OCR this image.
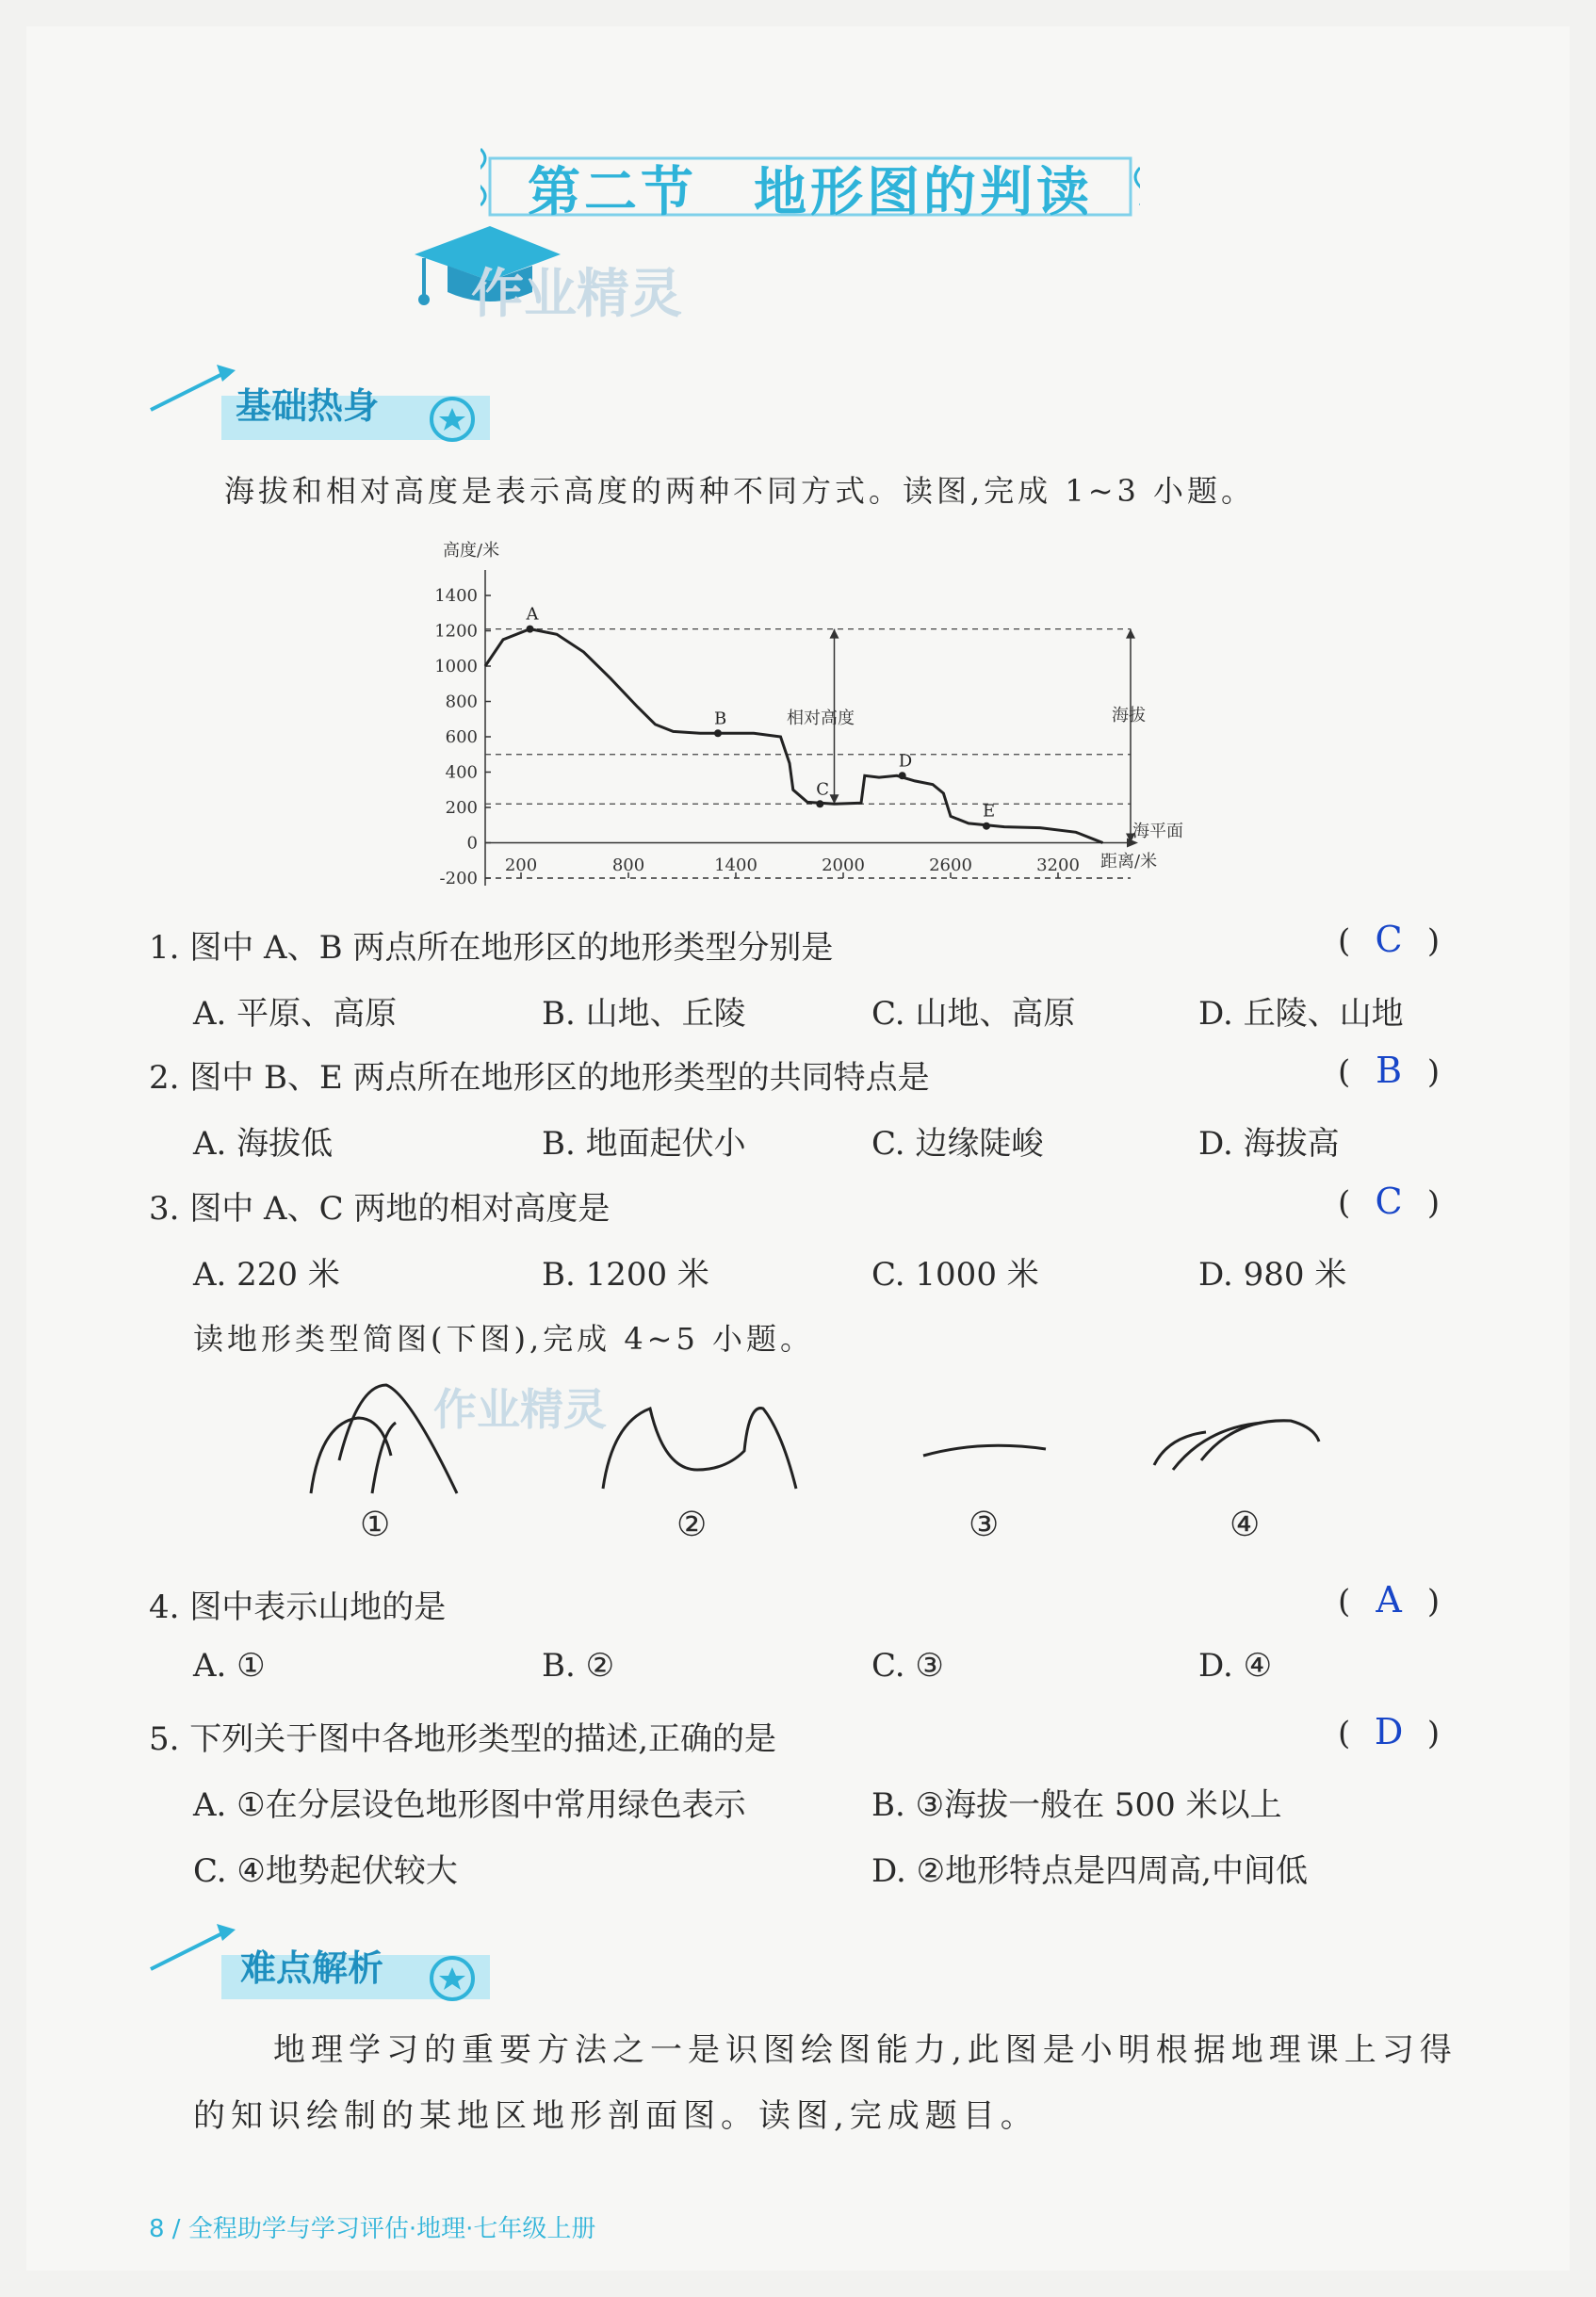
第二节 地形图的判读
作业精灵
基础热身
海拔和相对高度是表示高度的两种不同方式。读图,完成 1~3 小题。
高度/米
距离/米
1400
1200
1000
800
600
400
200
0
-200
200	800	1400	2000	2600	3200
A
B
C
D
E
相对高度	海拔
海平面
1. 图中 A、B 两点所在地形区的地形类型分别是	( C )
A. 平原、高原	B. 山地、丘陵	C. 山地、高原	D. 丘陵、山地
2. 图中 B、E 两点所在地形区的地形类型的共同特点是	( B )
A. 海拔低	B. 地面起伏小	C. 边缘陡峻	D. 海拔高
3. 图中 A、C 两地的相对高度是	( C )
A. 220 米	B. 1200 米	C. 1000 米	D. 980 米
读地形类型简图(下图),完成 4~5 小题。
①	②	③	④
作业精灵
4. 图中表示山地的是	( A )
A. ①	B. ②	C. ③	D. ④
5. 下列关于图中各地形类型的描述,正确的是	( D )
A. ①在分层设色地形图中常用绿色表示	B. ③海拔一般在 500 米以上
C. ④地势起伏较大	D. ②地形特点是四周高,中间低
难点解析
地理学习的重要方法之一是识图绘图能力,此图是小明根据地理课上习得
的知识绘制的某地区地形剖面图。读图,完成题目。
8 / 全程助学与学习评估·地理·七年级上册
